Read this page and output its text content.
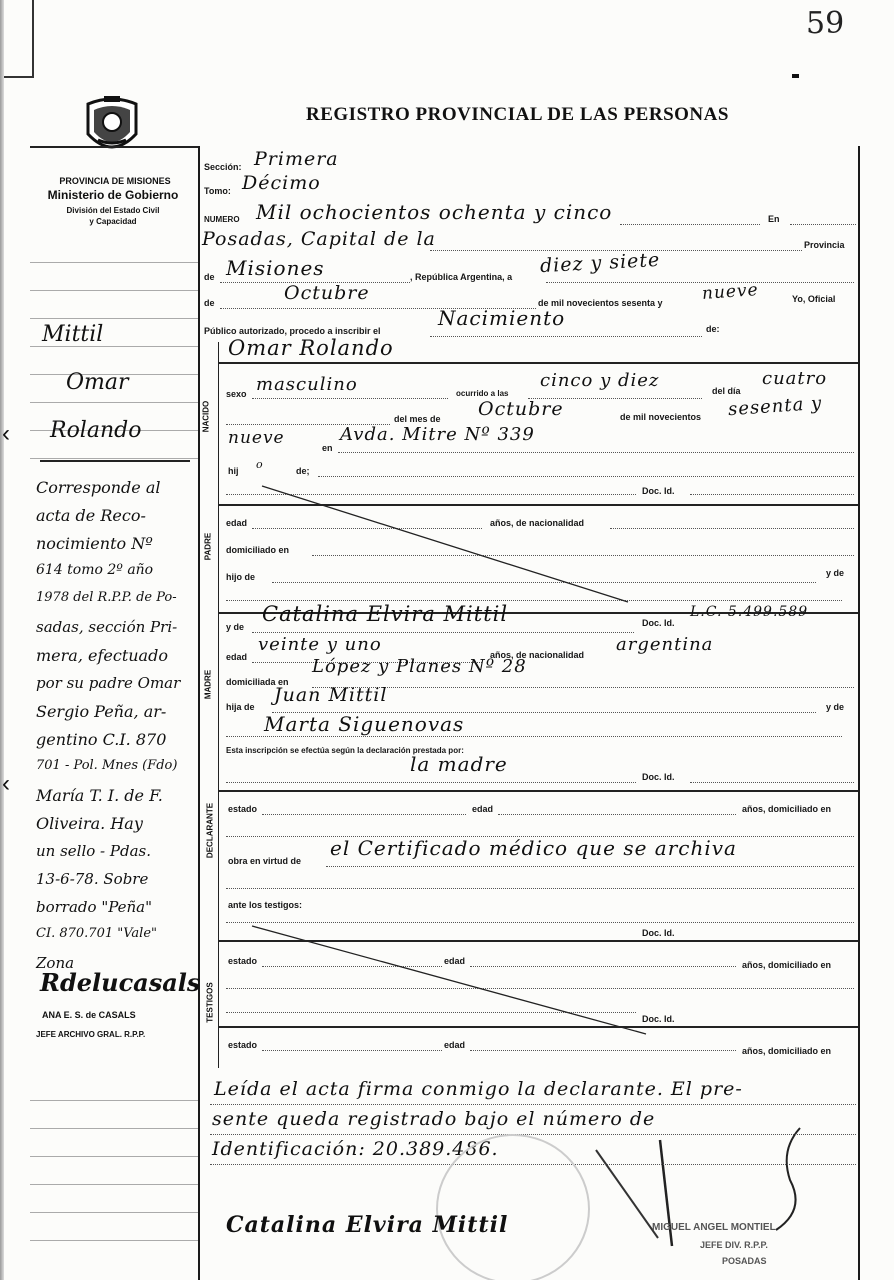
59
REGISTRO PROVINCIAL DE LAS PERSONAS
PROVINCIA DE MISIONES
Ministerio de Gobierno
División del Estado Civil
y Capacidad
NACIDO
PADRE
MADRE
DECLARANTE
TESTIGOS
Sección: Primera
Tomo: Décimo
NUMERO Mil ochocientos ochenta y cinco	En
Posadas, Capital de la	Provincia
de Misiones	, República Argentina, a diez y siete
de	Octubre	de mil novecientos sesenta y nueve	Yo, Oficial
Público autorizado, procedo a inscribir el
Nacimiento	de:
Omar Rolando
sexo masculino	ocurrido a las
cinco y diez	del día
cuatro
del mes de Octubre	de mil novecientos sesenta y
nueve	en
Avda. Mitre Nº 339
hij o	de;
Doc. Id.
edad	años, de nacionalidad
domiciliado en
hijo de	y de
y de
Catalina Elvira Mittil	Doc. Id.
L.C. 5.499.589
edad
veinte y uno	años, de nacionalidad argentina
domiciliada en
López y Planes Nº 28
hija de
Juan Mittil
y de
Marta Siguenovas
Esta inscripción se efectúa según la declaración prestada por:
la madre
Doc. Id.
estado	edad	años, domiciliado en
obra en virtud de
el Certificado médico que se archiva
ante los testigos:
Doc. Id.
estado	edad	años, domiciliado en
Doc. Id.
estado	edad
años, domiciliado en
Leída el acta firma conmigo la declarante. El pre-
sente queda registrado bajo el número de
Identificación: 20.389.486.
Catalina Elvira Mittil	MIGUEL ANGEL MONTIEL
JEFE DIV. R.P.P.
POSADAS
Mittil
Omar
Rolando
‹
Corresponde al
acta de Reco-
nocimiento Nº
614 tomo 2º año
1978 del R.P.P. de Po-
sadas, sección Pri-
mera, efectuado
por su padre Omar
Sergio Peña, ar-
gentino C.I. 870
701 - Pol. Mnes (Fdo)
María T. I. de F.
Oliveira. Hay
un sello - Pdas.
13-6-78. Sobre
borrado "Peña"
CI. 870.701 "Vale"
Zona
‹
Rdelucasals
ANA E. S. de CASALS
JEFE ARCHIVO GRAL. R.P.P.
